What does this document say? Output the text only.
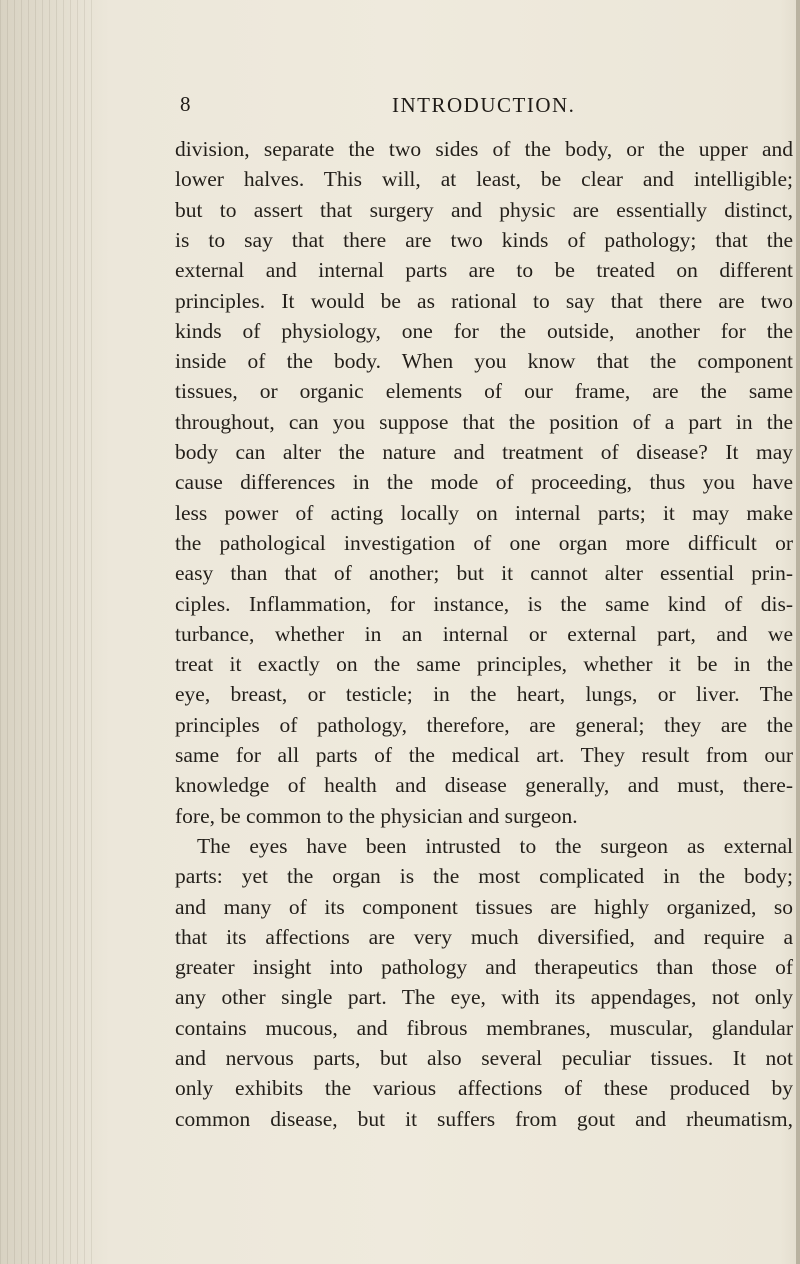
8	INTRODUCTION.
division, separate the two sides of the body, or the upper and
lower halves. This will, at least, be clear and intelligible;
but to assert that surgery and physic are essentially distinct,
is to say that there are two kinds of pathology; that the
external and internal parts are to be treated on different
principles. It would be as rational to say that there are two
kinds of physiology, one for the outside, another for the
inside of the body. When you know that the component
tissues, or organic elements of our frame, are the same
throughout, can you suppose that the position of a part in the
body can alter the nature and treatment of disease? It may
cause differences in the mode of proceeding, thus you have
less power of acting locally on internal parts; it may make
the pathological investigation of one organ more difficult or
easy than that of another; but it cannot alter essential prin-
ciples. Inflammation, for instance, is the same kind of dis-
turbance, whether in an internal or external part, and we
treat it exactly on the same principles, whether it be in the
eye, breast, or testicle; in the heart, lungs, or liver. The
principles of pathology, therefore, are general; they are the
same for all parts of the medical art. They result from our
knowledge of health and disease generally, and must, there-
fore, be common to the physician and surgeon.
The eyes have been intrusted to the surgeon as external
parts: yet the organ is the most complicated in the body;
and many of its component tissues are highly organized, so
that its affections are very much diversified, and require a
greater insight into pathology and therapeutics than those of
any other single part. The eye, with its appendages, not only
contains mucous, and fibrous membranes, muscular, glandular
and nervous parts, but also several peculiar tissues. It not
only exhibits the various affections of these produced by
common disease, but it suffers from gout and rheumatism,
